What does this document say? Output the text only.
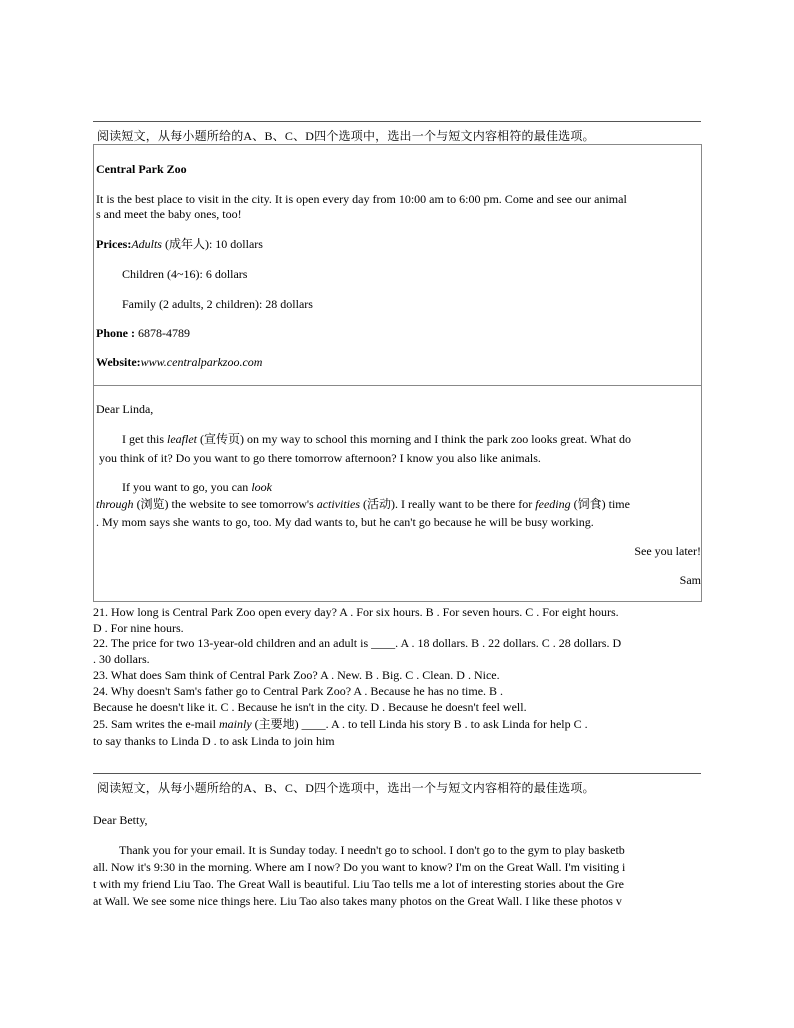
阅读短文，从每小题所给的A、B、C、D四个选项中，选出一个与短文内容相符的最佳选项。
Central Park Zoo
It is the best place to visit in the city. It is open every day from 10:00 am to 6:00 pm. Come and see our animal
s and meet the baby ones, too!
Prices:Adults (成年人): 10 dollars
Children (4~16): 6 dollars
Family (2 adults, 2 children): 28 dollars
Phone : 6878-4789
Website:www.centralparkzoo.com
Dear Linda,
I get this leaflet (宣传页) on my way to school this morning and I think the park zoo looks great. What do
you think of it? Do you want to go there tomorrow afternoon? I know you also like animals.
If you want to go, you can look
through (浏览) the website to see tomorrow's activities (活动). I really want to be there for feeding (饲食) time
. My mom says she wants to go, too. My dad wants to, but he can't go because he will be busy working.
See you later!
Sam
21. How long is Central Park Zoo open every day? A . For six hours. B . For seven hours. C . For eight hours.
D . For nine hours.
22. The price for two 13-year-old children and an adult is ____. A . 18 dollars. B . 22 dollars. C . 28 dollars. D
. 30 dollars.
23. What does Sam think of Central Park Zoo? A . New. B . Big. C . Clean. D . Nice.
24. Why doesn't Sam's father go to Central Park Zoo? A . Because he has no time. B .
Because he doesn't like it. C . Because he isn't in the city. D . Because he doesn't feel well.
25. Sam writes the e-mail mainly (主要地) ____. A . to tell Linda his story B . to ask Linda for help C .
to say thanks to Linda D . to ask Linda to join him
阅读短文，从每小题所给的A、B、C、D四个选项中，选出一个与短文内容相符的最佳选项。
Dear Betty,
Thank you for your email. It is Sunday today. I needn't go to school. I don't go to the gym to play basketb
all. Now it's 9:30 in the morning. Where am I now? Do you want to know? I'm on the Great Wall. I'm visiting i
t with my friend Liu Tao. The Great Wall is beautiful. Liu Tao tells me a lot of interesting stories about the Gre
at Wall. We see some nice things here. Liu Tao also takes many photos on the Great Wall. I like these photos v
